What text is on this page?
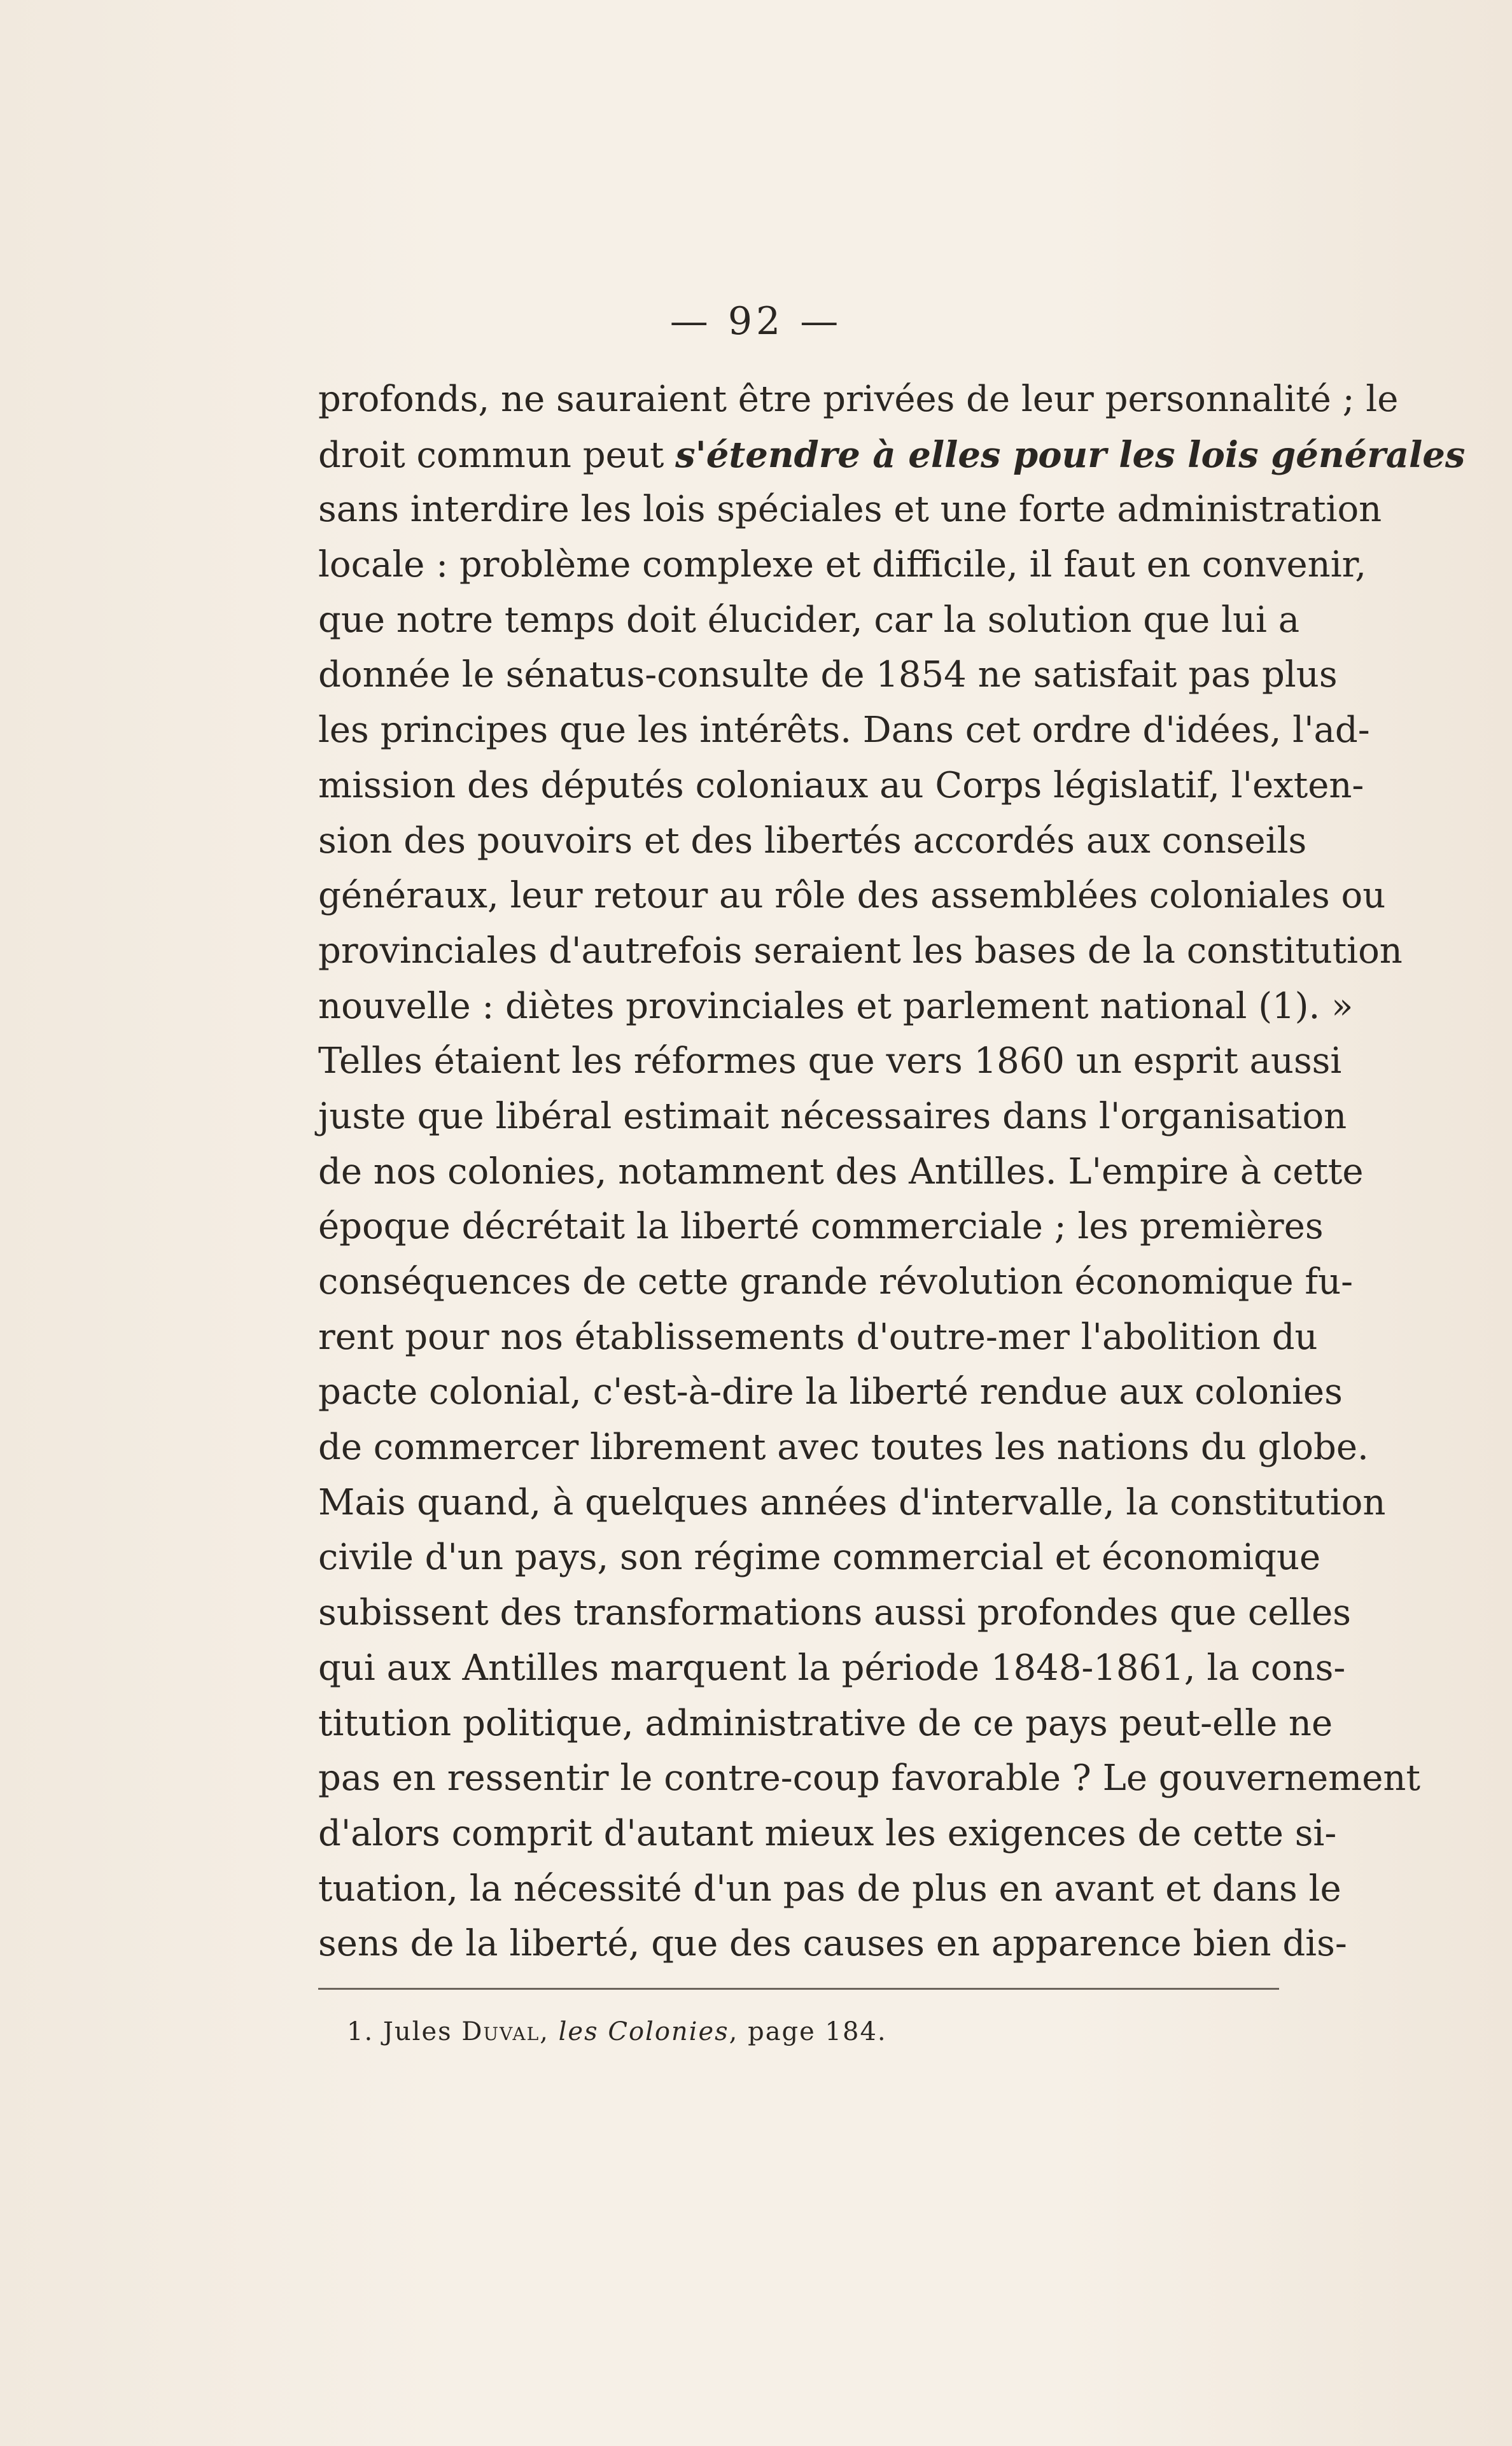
— 92 —
profonds, ne sauraient être privées de leur personnalité ; le
droit commun peut s'étendre à elles pour les lois générales
sans interdire les lois spéciales et une forte administration
locale : problème complexe et difficile, il faut en convenir,
que notre temps doit élucider, car la solution que lui a
donnée le sénatus-consulte de 1854 ne satisfait pas plus
les principes que les intérêts. Dans cet ordre d'idées, l'ad-
mission des députés coloniaux au Corps législatif, l'exten-
sion des pouvoirs et des libertés accordés aux conseils
généraux, leur retour au rôle des assemblées coloniales ou
provinciales d'autrefois seraient les bases de la constitution
nouvelle : diètes provinciales et parlement national (1). »
Telles étaient les réformes que vers 1860 un esprit aussi
juste que libéral estimait nécessaires dans l'organisation
de nos colonies, notamment des Antilles. L'empire à cette
époque décrétait la liberté commerciale ; les premières
conséquences de cette grande révolution économique fu-
rent pour nos établissements d'outre-mer l'abolition du
pacte colonial, c'est-à-dire la liberté rendue aux colonies
de commercer librement avec toutes les nations du globe.
Mais quand, à quelques années d'intervalle, la constitution
civile d'un pays, son régime commercial et économique
subissent des transformations aussi profondes que celles
qui aux Antilles marquent la période 1848-1861, la cons-
titution politique, administrative de ce pays peut-elle ne
pas en ressentir le contre-coup favorable ? Le gouvernement
d'alors comprit d'autant mieux les exigences de cette si-
tuation, la nécessité d'un pas de plus en avant et dans le
sens de la liberté, que des causes en apparence bien dis-
1. Jules Duval, les Colonies, page 184.
